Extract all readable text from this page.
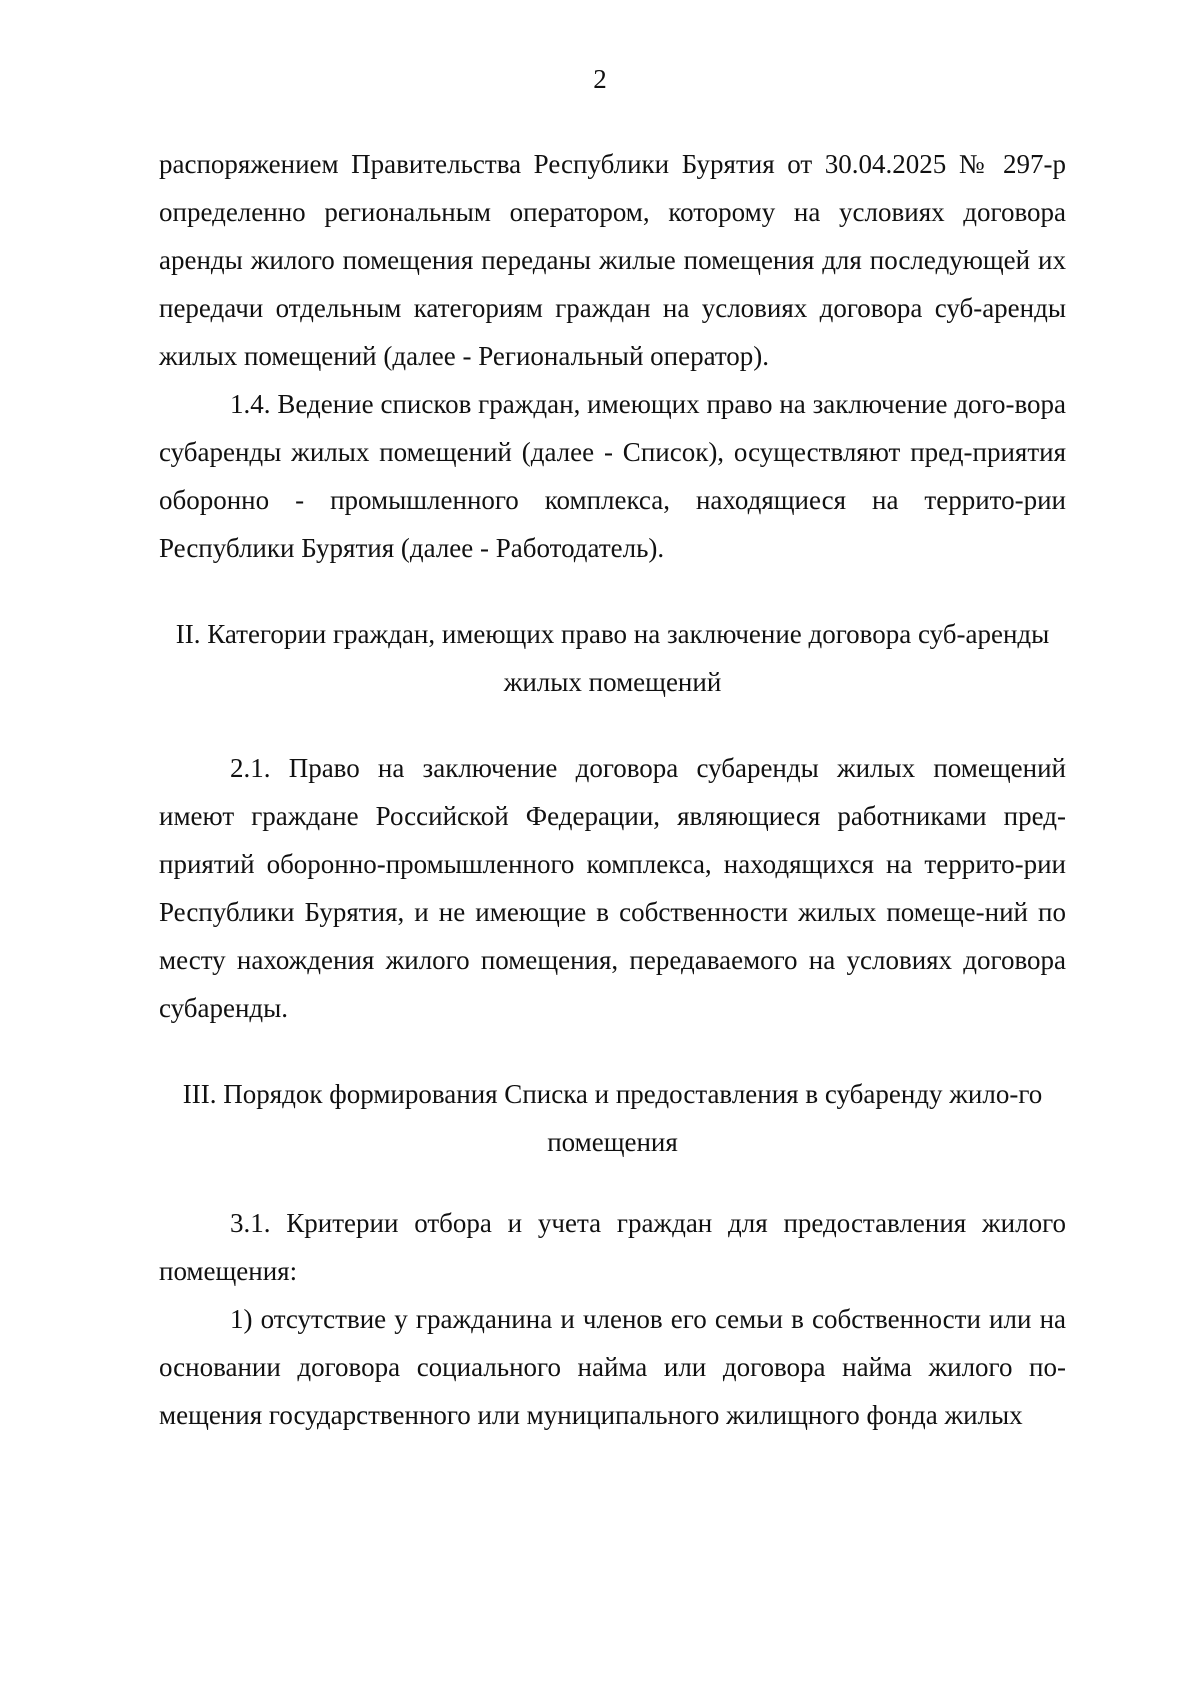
2

распоряжением Правительства Республики Бурятия от 30.04.2025 № 297-р определенно региональным оператором, которому на условиях договора аренды жилого помещения переданы жилые помещения для последующей их передачи отдельным категориям граждан на условиях договора суб-аренды жилых помещений (далее - Региональный оператор).

1.4. Ведение списков граждан, имеющих право на заключение дого-вора субаренды жилых помещений (далее - Список), осуществляют пред-приятия оборонно - промышленного комплекса, находящиеся на террито-рии Республики Бурятия (далее - Работодатель).

II. Категории граждан, имеющих право на заключение договора суб-аренды жилых помещений

2.1. Право на заключение договора субаренды жилых помещений имеют граждане Российской Федерации, являющиеся работниками пред-приятий оборонно-промышленного комплекса, находящихся на террито-рии Республики Бурятия, и не имеющие в собственности жилых помеще-ний по месту нахождения жилого помещения, передаваемого на условиях договора субаренды.

III. Порядок формирования Списка и предоставления в субаренду жило-го помещения

3.1. Критерии отбора и учета граждан для предоставления жилого помещения:

1) отсутствие у гражданина и членов его семьи в собственности или на основании договора социального найма или договора найма жилого по-мещения государственного или муниципального жилищного фонда жилых
